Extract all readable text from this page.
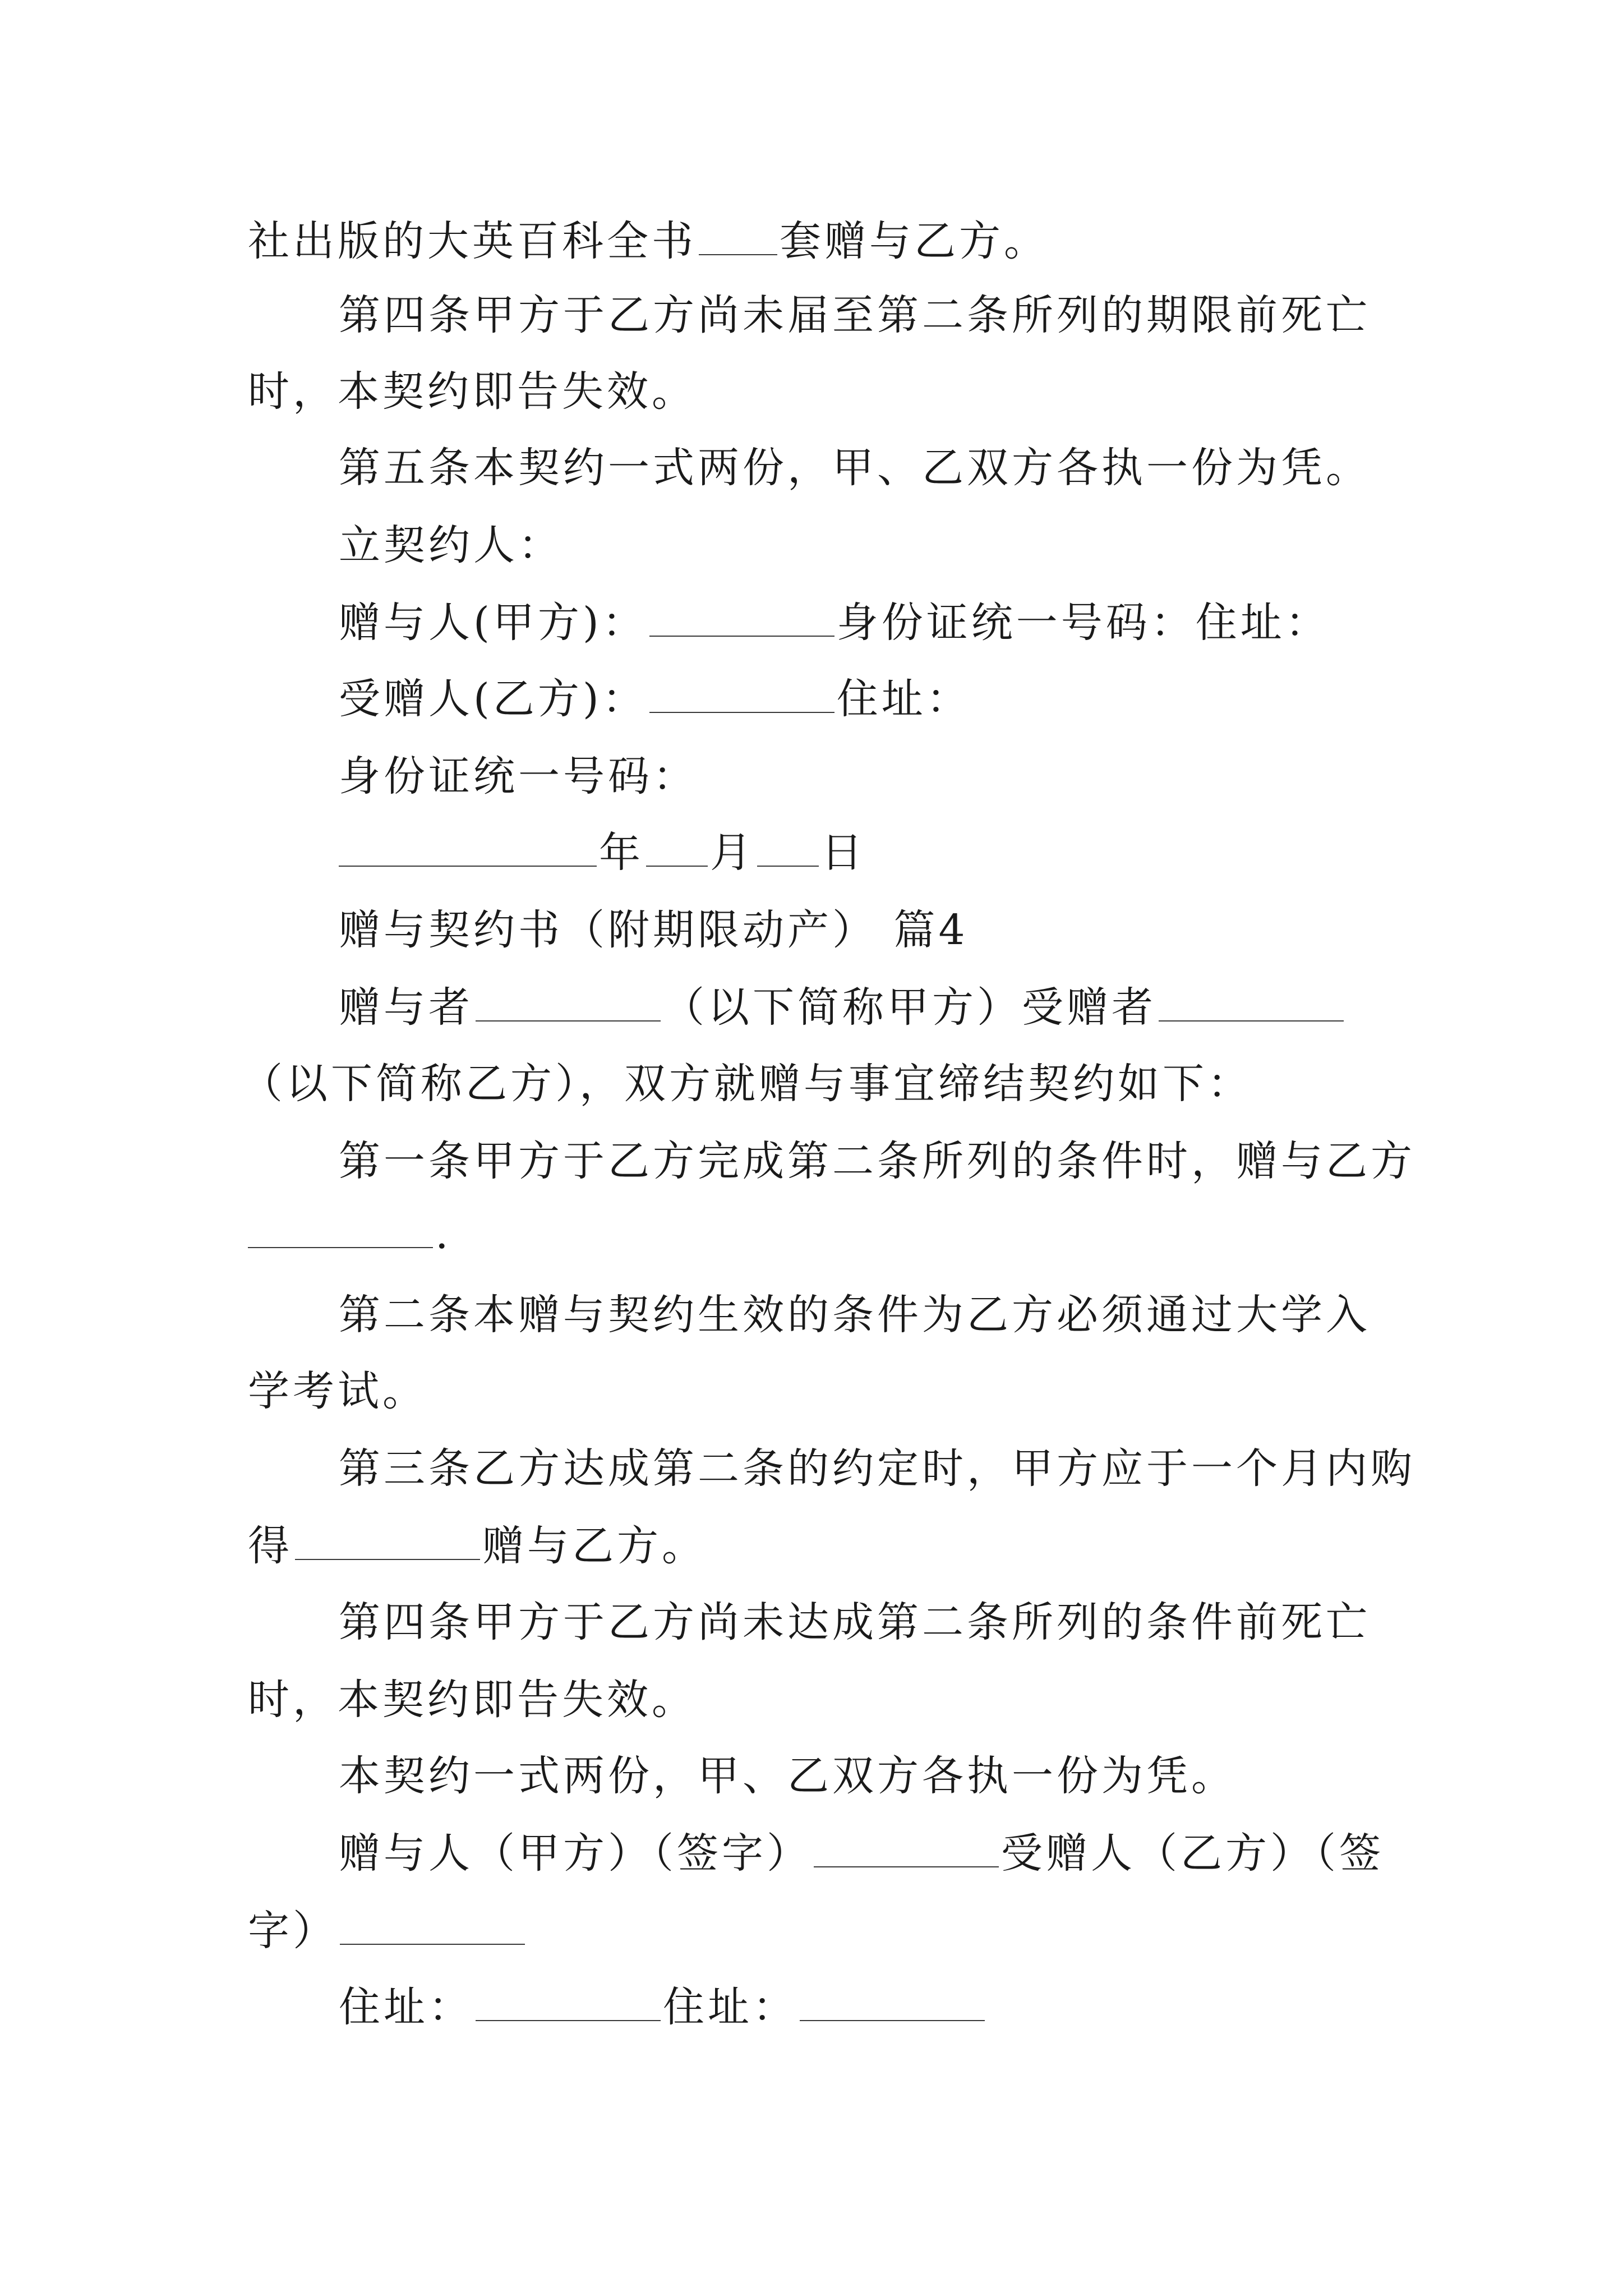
社出版的大英百科全书 套赠与乙方。
第四条甲方于乙方尚未届至第二条所列的期限前死亡
时，本契约即告失效。
第五条本契约一式两份，甲、乙双方各执一份为凭。
立契约人：
赠与人(甲方)：	身份证统一号码：住址：
受赠人(乙方)：	住址：
身份证统一号码：
年 月 日
赠与契约书（附期限动产） 篇4
赠与者	（以下简称甲方）受赠者
（以下简称乙方），双方就赠与事宜缔结契约如下：
第一条甲方于乙方完成第二条所列的条件时，赠与乙方
.
第二条本赠与契约生效的条件为乙方必须通过大学入
学考试。
第三条乙方达成第二条的约定时，甲方应于一个月内购
得	赠与乙方。
第四条甲方于乙方尚未达成第二条所列的条件前死亡
时，本契约即告失效。
本契约一式两份，甲、乙双方各执一份为凭。
赠与人（甲方）（签字）	受赠人（乙方）（签
字）
住址：	住址：
